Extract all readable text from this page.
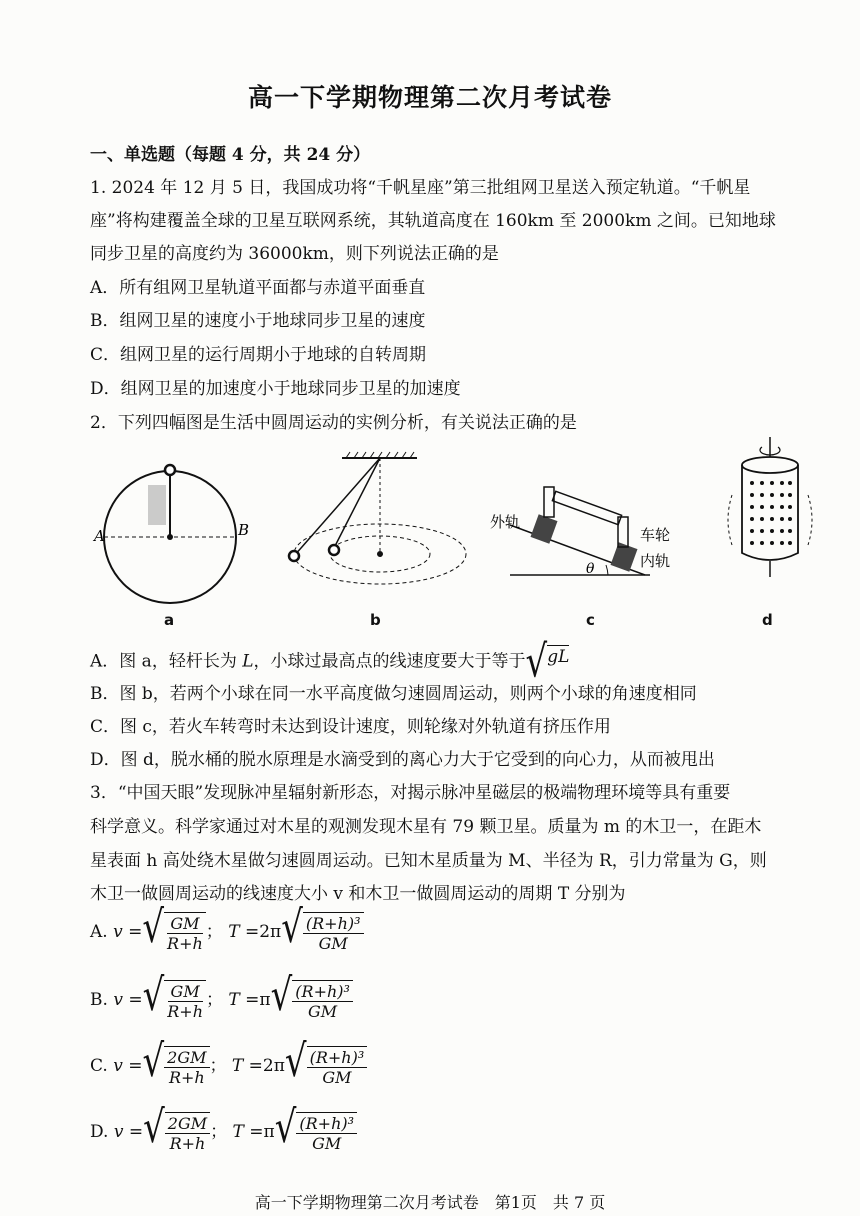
高一下学期物理第二次月考试卷
一、单选题（每题 4 分，共 24 分）
1. 2024 年 12 月 5 日，我国成功将“千帆星座”第三批组网卫星送入预定轨道。“千帆星
座”将构建覆盖全球的卫星互联网系统，其轨道高度在 160km 至 2000km 之间。已知地球
同步卫星的高度约为 36000km，则下列说法正确的是
A．所有组网卫星轨道平面都与赤道平面垂直
B．组网卫星的速度小于地球同步卫星的速度
C．组网卫星的运行周期小于地球的自转周期
D．组网卫星的加速度小于地球同步卫星的加速度
2．下列四幅图是生活中圆周运动的实例分析，有关说法正确的是
A	B
a	b
外轨
车轮
内轨
θ
c	d
A．图 a，轻杆长为 L，小球过最高点的线速度要大于等于 √ gL
B．图 b，若两个小球在同一水平高度做匀速圆周运动，则两个小球的角速度相同
C．图 c，若火车转弯时未达到设计速度，则轮缘对外轨道有挤压作用
D．图 d，脱水桶的脱水原理是水滴受到的离心力大于它受到的向心力，从而被甩出
3．“中国天眼”发现脉冲星辐射新形态，对揭示脉冲星磁层的极端物理环境等具有重要
科学意义。科学家通过对木星的观测发现木星有 79 颗卫星。质量为 m 的木卫一，在距木
星表面 h 高处绕木星做匀速圆周运动。已知木星质量为 M、半径为 R，引力常量为 G，则
木卫一做圆周运动的线速度大小 v 和木卫一做圆周运动的周期 T 分别为
A. v = √ $\frac{GM}{R+h}$ ； T =2π √ $\frac{\text{(R+h)³}}{GM}$
B. v = √ $\frac{GM}{R+h}$ ； T =π √ $\frac{\text{(R+h)³}}{GM}$
C. v = √ $\frac{2GM}{R+h}$ ； T =2π √ $\frac{\text{(R+h)³}}{GM}$
D. v = √ $\frac{2GM}{R+h}$ ； T =π √ $\frac{\text{(R+h)³}}{GM}$
高一下学期物理第二次月考试卷　第1页　共 7 页
